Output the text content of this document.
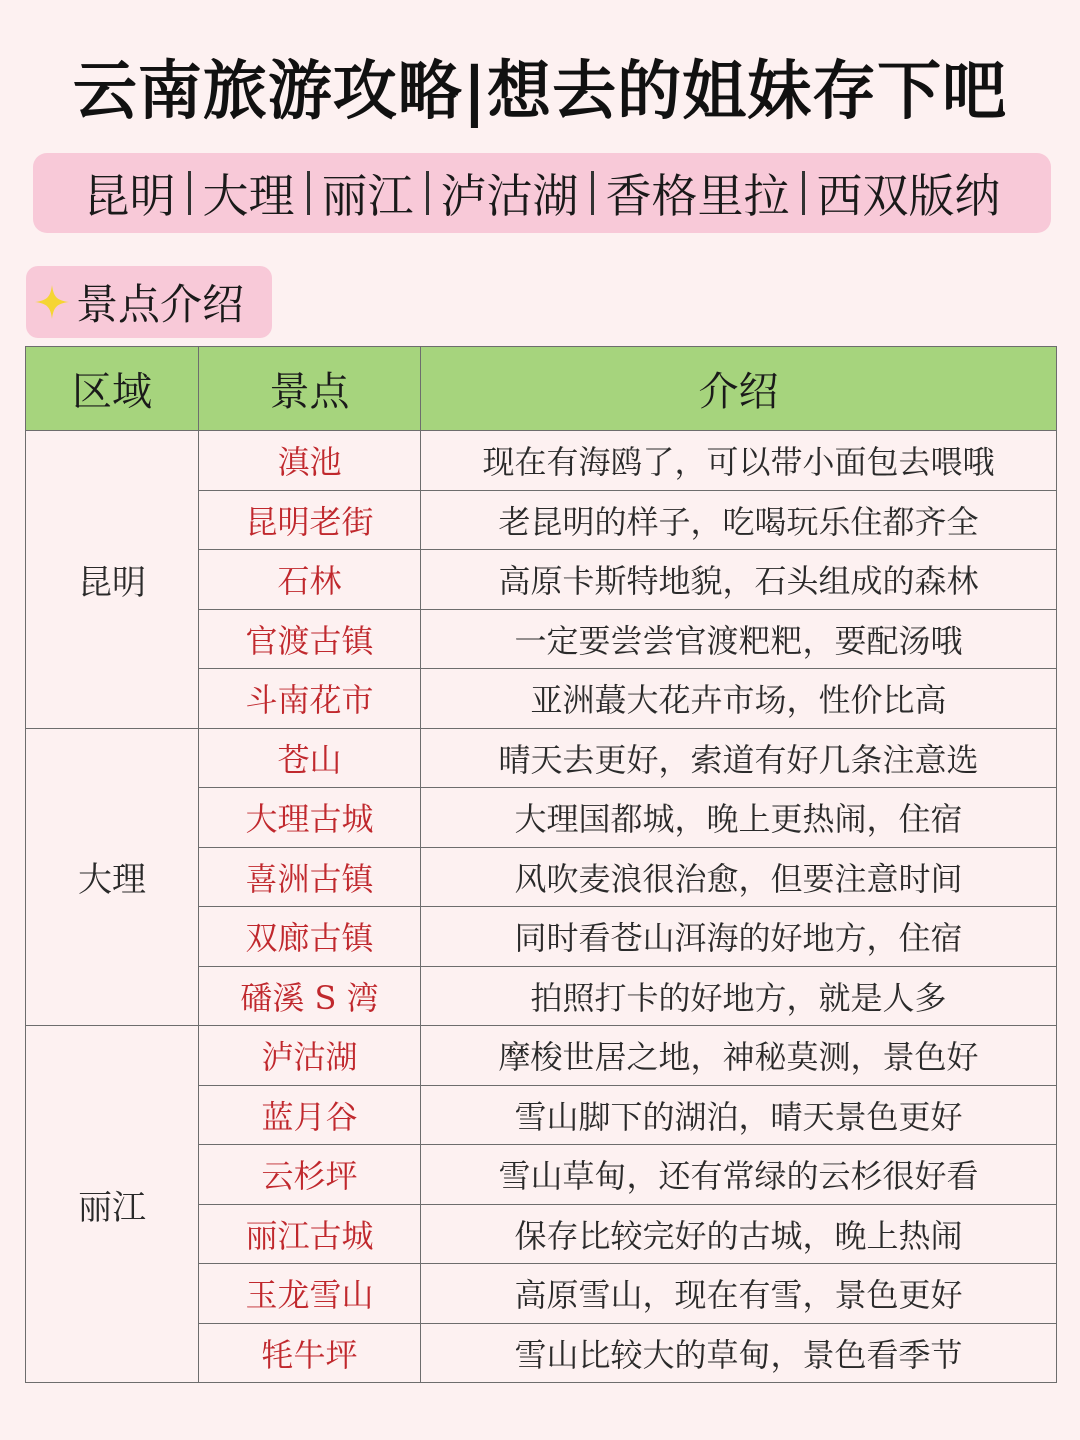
云南旅游攻略|想去的姐妹存下吧
昆明 大理 丽江 泸沽湖 香格里拉 西双版纳
景点介绍
区域	景点	介绍
昆明	滇池	现在有海鸥了，可以带小面包去喂哦
	昆明老街	老昆明的样子，吃喝玩乐住都齐全
	石林	高原卡斯特地貌，石头组成的森林
	官渡古镇	一定要尝尝官渡粑粑，要配汤哦
	斗南花市	亚洲蕞大花卉市场，性价比高
大理	苍山	晴天去更好，索道有好几条注意选
	大理古城	大理国都城，晚上更热闹，住宿
	喜洲古镇	风吹麦浪很治愈，但要注意时间
	双廊古镇	同时看苍山洱海的好地方，住宿
	磻溪 S 湾	拍照打卡的好地方，就是人多
丽江	泸沽湖	摩梭世居之地，神秘莫测，景色好
	蓝月谷	雪山脚下的湖泊，晴天景色更好
	云杉坪	雪山草甸，还有常绿的云杉很好看
	丽江古城	保存比较完好的古城，晚上热闹
	玉龙雪山	高原雪山，现在有雪，景色更好
	牦牛坪	雪山比较大的草甸，景色看季节
